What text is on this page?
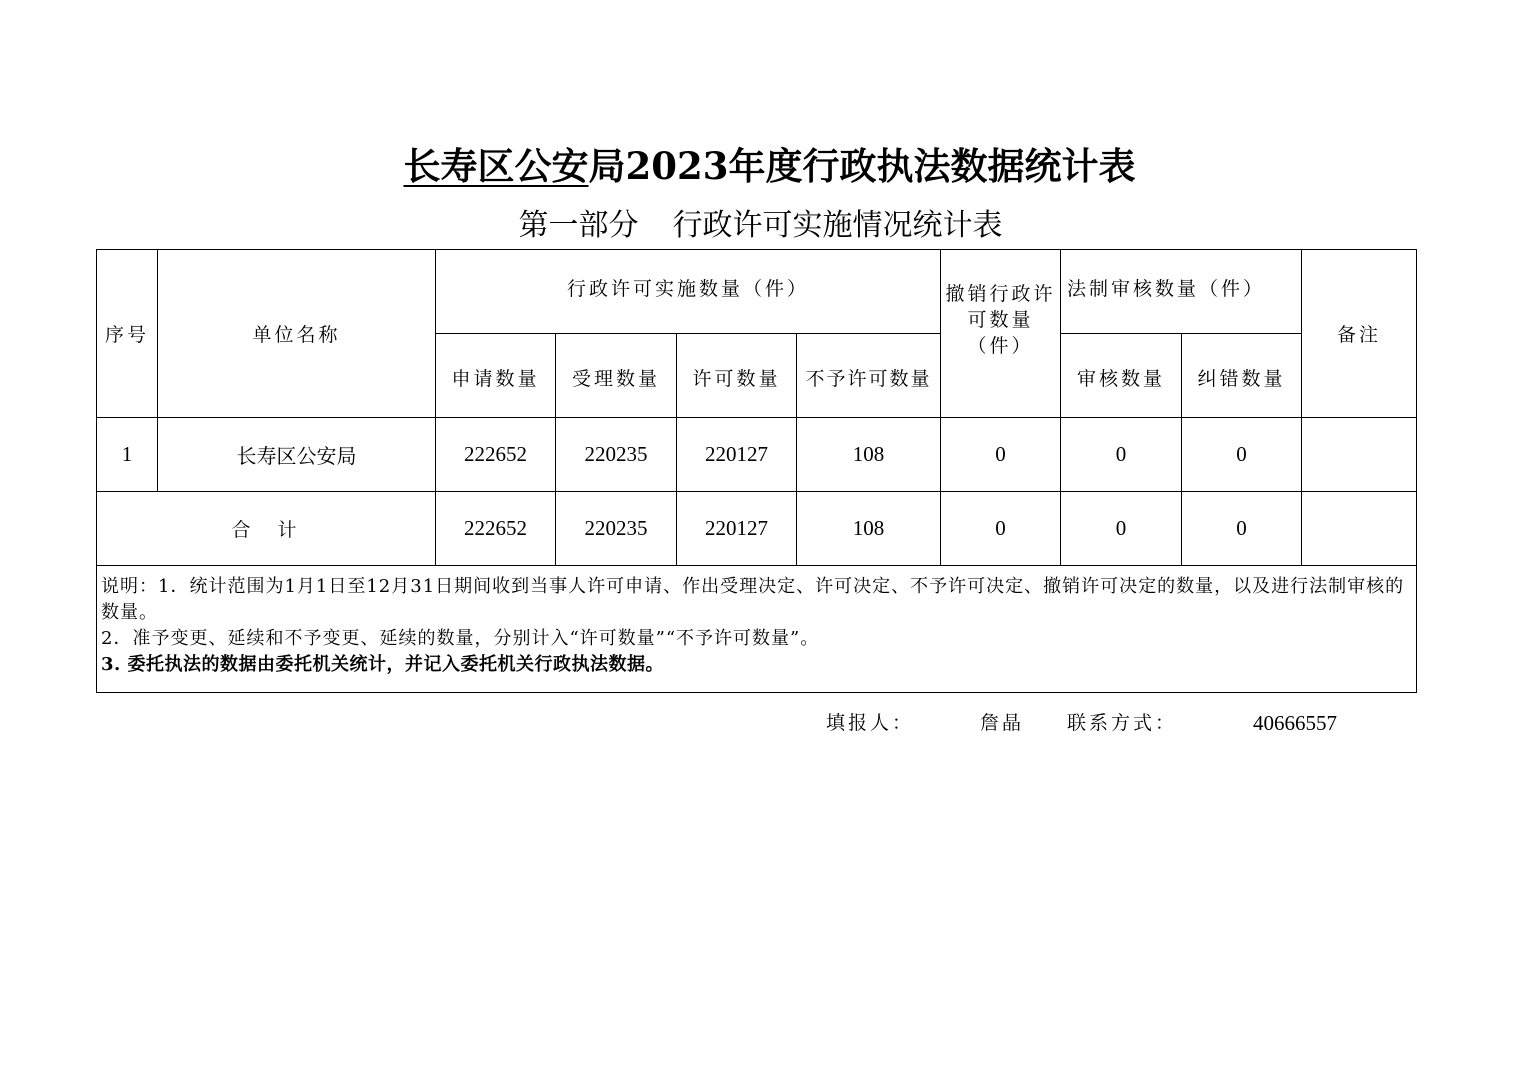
长寿区公安局2023年度行政执法数据统计表
第一部分 行政许可实施情况统计表
序号	单位名称	行政许可实施数量（件）				撤销行政许可数量（件）	法制审核数量（件）		备注
		申请数量	受理数量	许可数量	不予许可数量		审核数量	纠错数量	
1	长寿区公安局	222652	220235	220127	108	0	0	0	
合　计		222652	220235	220127	108	0	0	0	

说明：1．统计范围为1月1日至12月31日期间收到当事人许可申请、作出受理决定、许可决定、不予许可决定、撤销许可决定的数量，以及进行法制审核的数量。
2．准予变更、延续和不予变更、延续的数量，分别计入“许可数量”“不予许可数量”。
3. 委托执法的数据由委托机关统计，并记入委托机关行政执法数据。									
填报人：	詹晶 联系方式：	40666557
